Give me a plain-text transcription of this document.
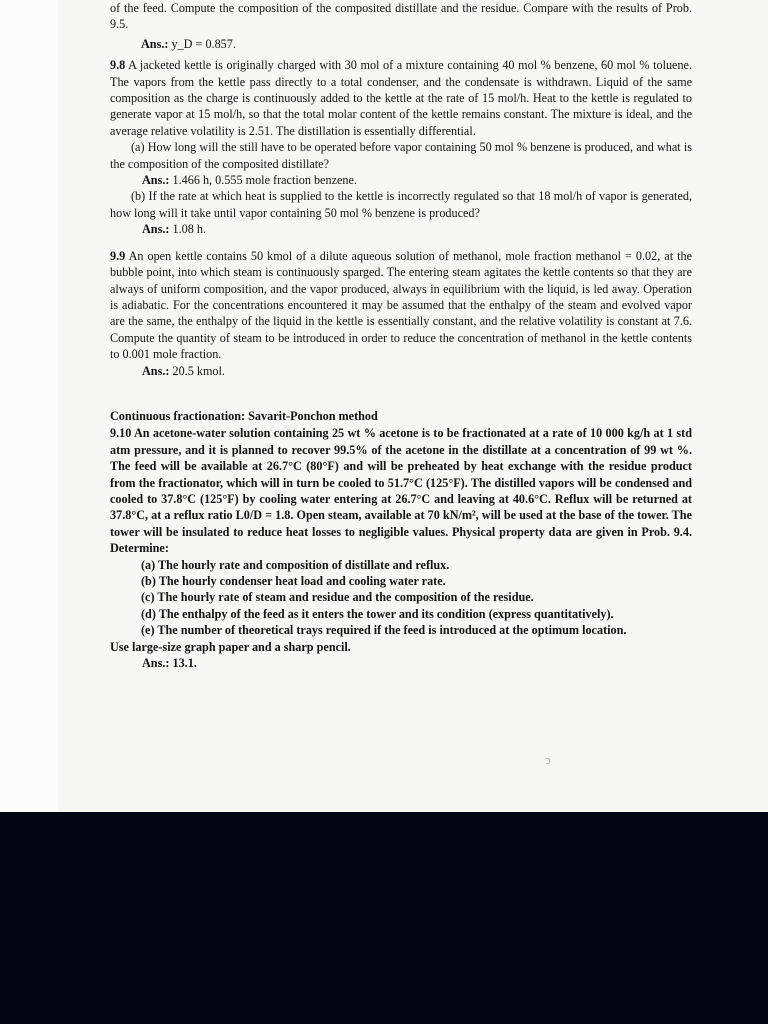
of the feed. Compute the composition of the composited distillate and the residue. Compare with the results of Prob. 9.5.

Ans.: y_D = 0.857.

9.8 A jacketed kettle is originally charged with 30 mol of a mixture containing 40 mol % benzene, 60 mol % toluene. The vapors from the kettle pass directly to a total condenser, and the condensate is withdrawn. Liquid of the same composition as the charge is continuously added to the kettle at the rate of 15 mol/h. Heat to the kettle is regulated to generate vapor at 15 mol/h, so that the total molar content of the kettle remains constant. The mixture is ideal, and the average relative volatility is 2.51. The distillation is essentially differential.

(a) How long will the still have to be operated before vapor containing 50 mol % benzene is produced, and what is the composition of the composited distillate?

Ans.: 1.466 h, 0.555 mole fraction benzene.

(b) If the rate at which heat is supplied to the kettle is incorrectly regulated so that 18 mol/h of vapor is generated, how long will it take until vapor containing 50 mol % benzene is produced?

Ans.: 1.08 h.

9.9 An open kettle contains 50 kmol of a dilute aqueous solution of methanol, mole fraction methanol = 0.02, at the bubble point, into which steam is continuously sparged. The entering steam agitates the kettle contents so that they are always of uniform composition, and the vapor produced, always in equilibrium with the liquid, is led away. Operation is adiabatic. For the concentrations encountered it may be assumed that the enthalpy of the steam and evolved vapor are the same, the enthalpy of the liquid in the kettle is essentially constant, and the relative volatility is constant at 7.6. Compute the quantity of steam to be introduced in order to reduce the concentration of methanol in the kettle contents to 0.001 mole fraction.

Ans.: 20.5 kmol.

Continuous fractionation: Savarit-Ponchon method

9.10 An acetone-water solution containing 25 wt % acetone is to be fractionated at a rate of 10 000 kg/h at 1 std atm pressure, and it is planned to recover 99.5% of the acetone in the distillate at a concentration of 99 wt %. The feed will be available at 26.7°C (80°F) and will be preheated by heat exchange with the residue product from the fractionator, which will in turn be cooled to 51.7°C (125°F). The distilled vapors will be condensed and cooled to 37.8°C (125°F) by cooling water entering at 26.7°C and leaving at 40.6°C. Reflux will be returned at 37.8°C, at a reflux ratio L0/D = 1.8. Open steam, available at 70 kN/m², will be used at the base of the tower. The tower will be insulated to reduce heat losses to negligible values. Physical property data are given in Prob. 9.4. Determine:

(a) The hourly rate and composition of distillate and reflux.

(b) The hourly condenser heat load and cooling water rate.

(c) The hourly rate of steam and residue and the composition of the residue.

(d) The enthalpy of the feed as it enters the tower and its condition (express quantitatively).

(e) The number of theoretical trays required if the feed is introduced at the optimum location.

Use large-size graph paper and a sharp pencil.

Ans.: 13.1.

ↄ
